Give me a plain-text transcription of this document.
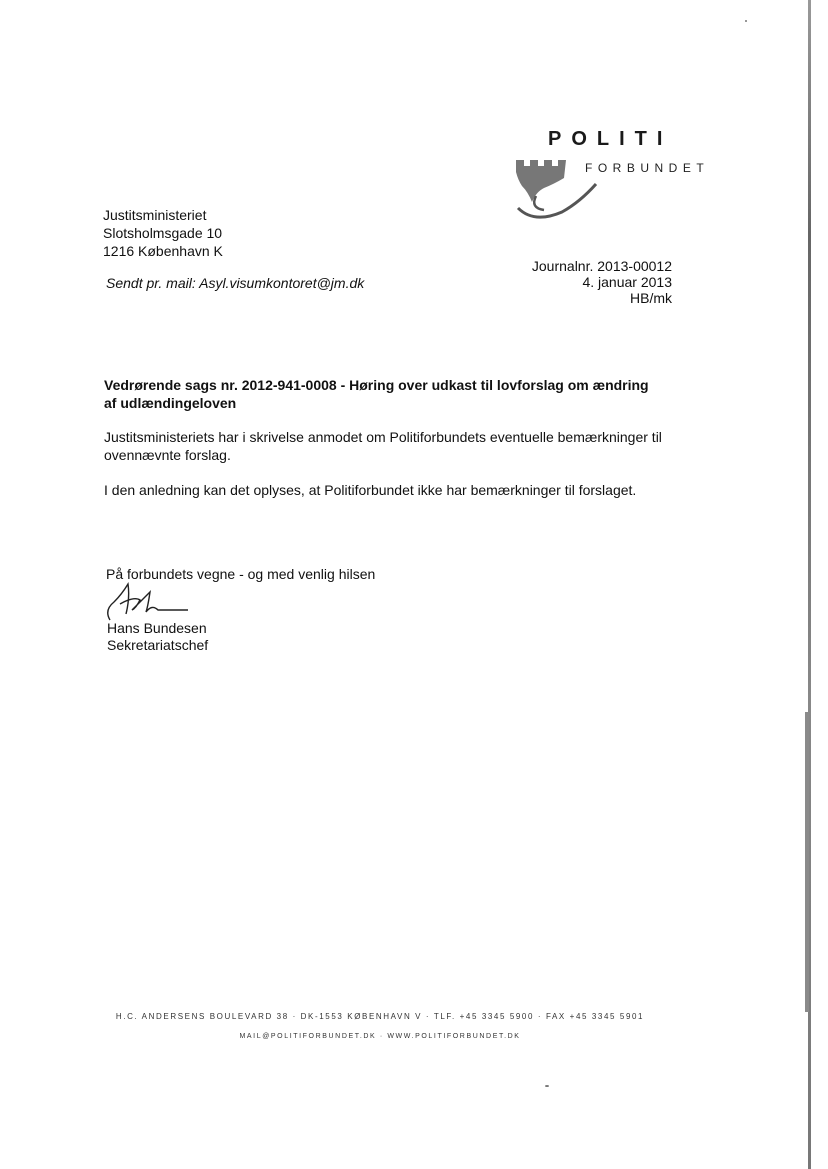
POLITI
FORBUNDET
Justitsministeriet
Slotsholmsgade 10
1216 København K
Sendt pr. mail: Asyl.visumkontoret@jm.dk
Journalnr. 2013-00012
4. januar 2013
HB/mk
Vedrørende sags nr. 2012-941-0008 - Høring over udkast til lovforslag om ændring af udlændingeloven
Justitsministeriets har i skrivelse anmodet om Politiforbundets eventuelle bemærkninger til ovennævnte forslag.
I den anledning kan det oplyses, at Politiforbundet ikke har bemærkninger til forslaget.
På forbundets vegne - og med venlig hilsen
Hans Bundesen
Sekretariatschef
H.C. ANDERSENS BOULEVARD 38 · DK-1553 KØBENHAVN V · TLF. +45 3345 5900 · FAX +45 3345 5901
MAIL@POLITIFORBUNDET.DK · WWW.POLITIFORBUNDET.DK
